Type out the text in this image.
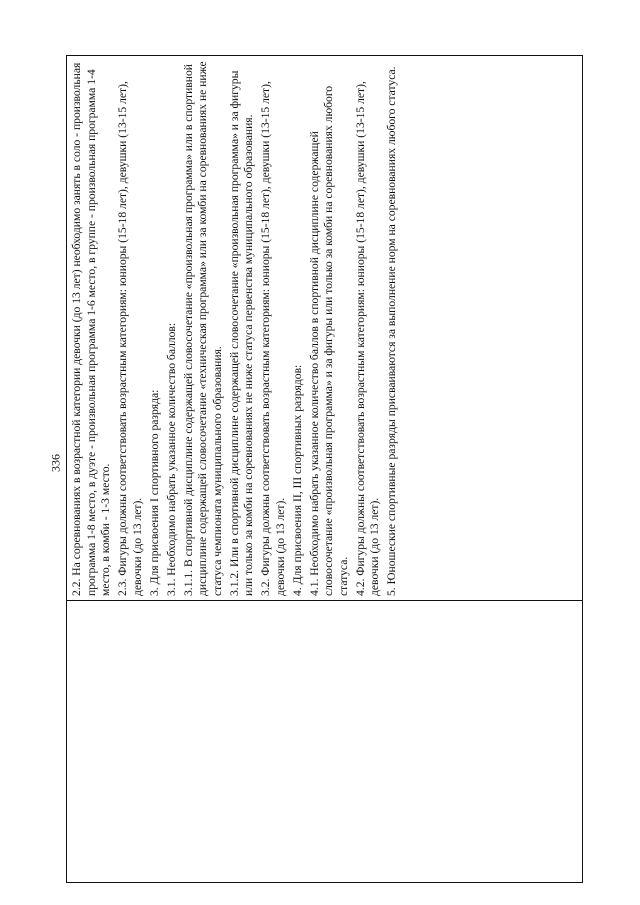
336 2.2. На соревнованиях в возрастной категории девочки (до 13 лет) необходимо занять в соло - произвольная программа 1-8 место, в дуэте - произвольная программа 1-6 место, в группе - произвольная программа 1-4 место, в комби - 1-3 место. 2.3. Фигуры должны соответствовать возрастным категориям: юниоры (15-18 лет), девушки (13-15 лет), девочки (до 13 лет). 3. Для присвоения I спортивного разряда: 3.1. Необходимо набрать указанное количество баллов: 3.1.1. В спортивной дисциплине содержащей словосочетание «произвольная программа» или в спортивной дисциплине содержащей словосочетание «техническая программа» или за комби на соревнованиях не ниже статуса чемпионата муниципального образования. 3.1.2. Или в спортивной дисциплине содержащей словосочетание «произвольная программа» и за фигуры или только за комби на соревнованиях не ниже статуса первенства муниципального образования. 3.2. Фигуры должны соответствовать возрастным категориям: юниоры (15-18 лет), девушки (13-15 лет), девочки (до 13 лет). 4. Для присвоения II, III спортивных разрядов: 4.1. Необходимо набрать указанное количество баллов в спортивной дисциплине содержащей словосочетание «произвольная программа» и за фигуры или только за комби на соревнованиях любого статуса. 4.2. Фигуры должны соответствовать возрастным категориям: юниоры (15-18 лет), девушки (13-15 лет), девочки (до 13 лет). 5. Юношеские спортивные разряды присваиваются за выполнение норм на соревнованиях любого статуса.
